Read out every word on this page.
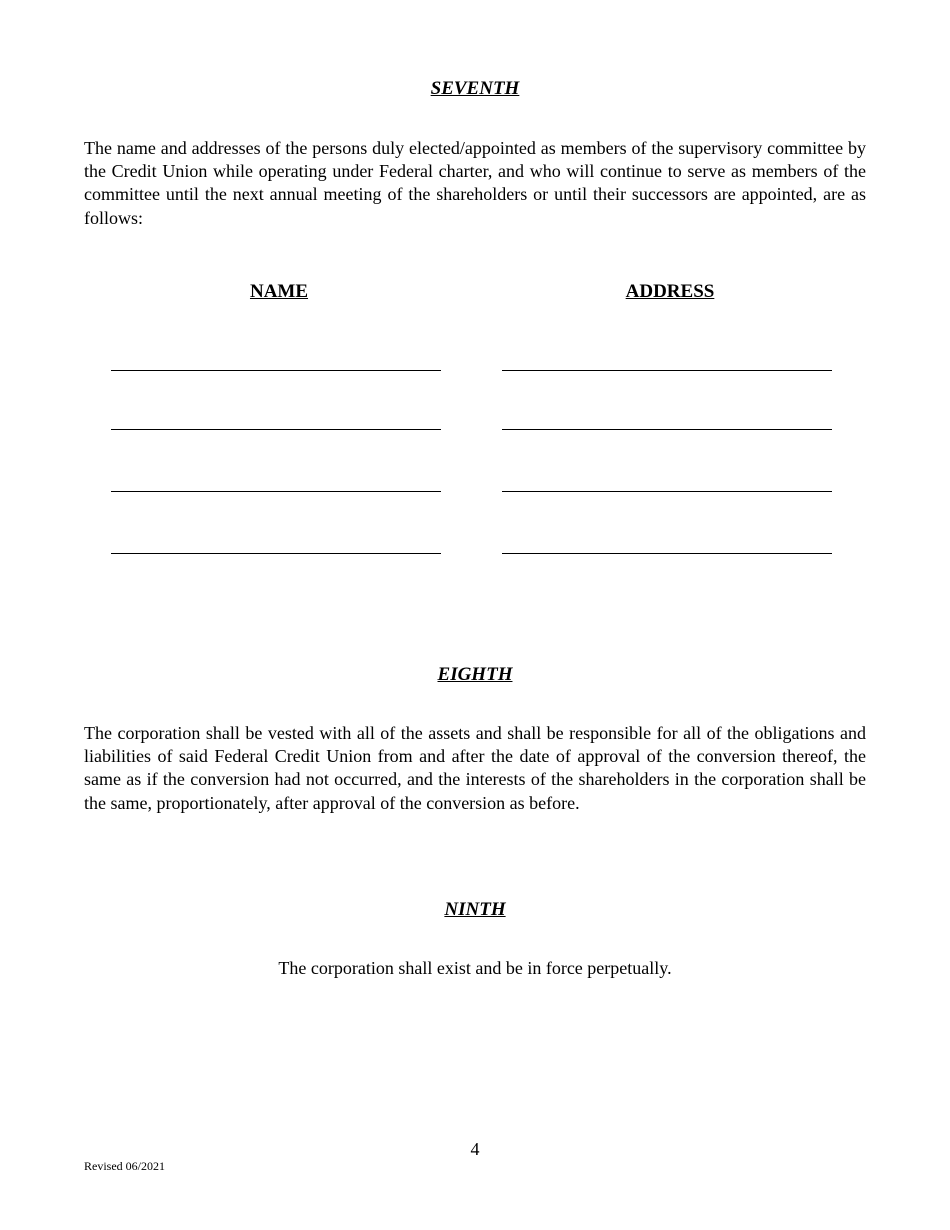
SEVENTH
The name and addresses of the persons duly elected/appointed as members of the supervisory committee by the Credit Union while operating under Federal charter, and who will continue to serve as members of the committee until the next annual meeting of the shareholders or until their successors are appointed, are as follows:
NAME	ADDRESS
EIGHTH
The corporation shall be vested with all of the assets and shall be responsible for all of the obligations and liabilities of said Federal Credit Union from and after the date of approval of the conversion thereof, the same as if the conversion had not occurred, and the interests of the shareholders in the corporation shall be the same, proportionately, after approval of the conversion as before.
NINTH
The corporation shall exist and be in force perpetually.
4
Revised 06/2021
